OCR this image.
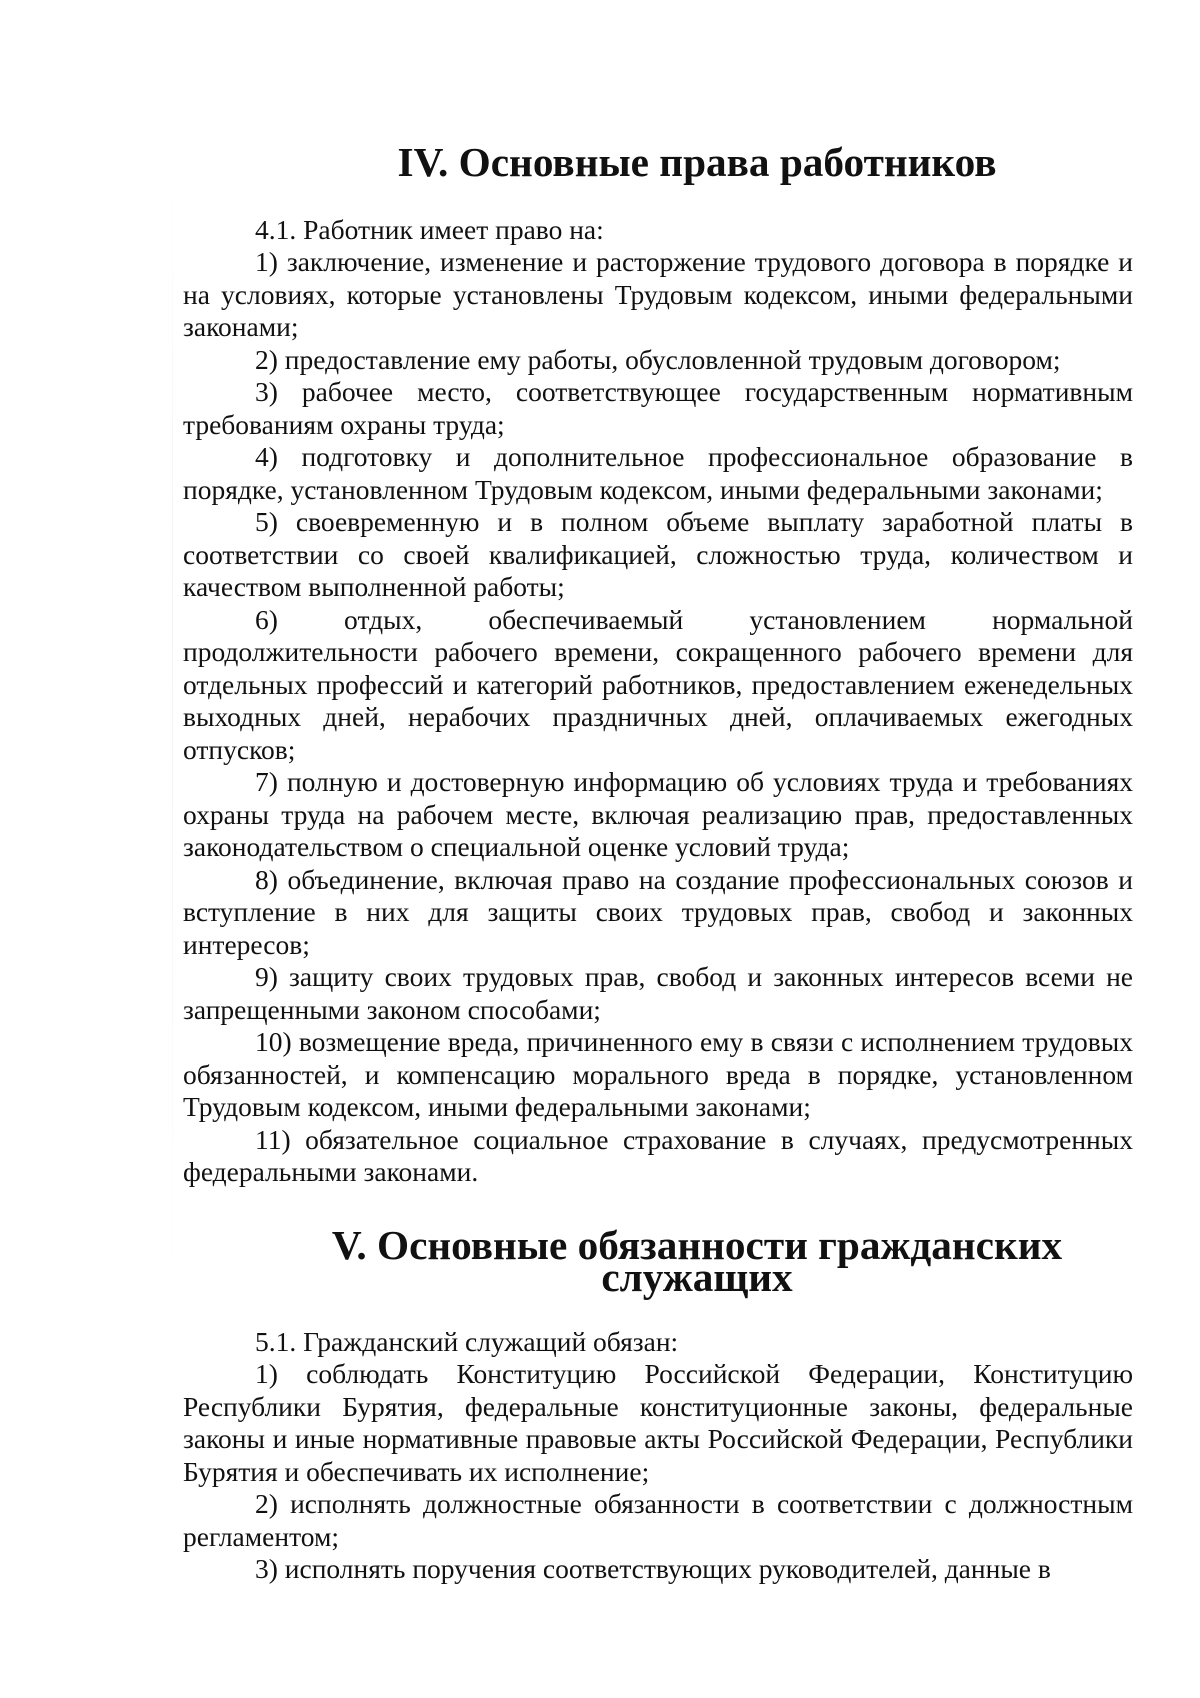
IV. Основные права работников

4.1. Работник имеет право на:

1) заключение, изменение и расторжение трудового договора в порядке и на условиях, которые установлены Трудовым кодексом, иными федеральными законами;

2) предоставление ему работы, обусловленной трудовым договором;

3) рабочее место, соответствующее государственным нормативным требованиям охраны труда;

4) подготовку и дополнительное профессиональное образование в порядке, установленном Трудовым кодексом, иными федеральными законами;

5) своевременную и в полном объеме выплату заработной платы в соответствии со своей квалификацией, сложностью труда, количеством и качеством выполненной работы;

6) отдых, обеспечиваемый установлением нормальной продолжительности рабочего времени, сокращенного рабочего времени для отдельных профессий и категорий работников, предоставлением еженедельных выходных дней, нерабочих праздничных дней, оплачиваемых ежегодных отпусков;

7) полную и достоверную информацию об условиях труда и требованиях охраны труда на рабочем месте, включая реализацию прав, предоставленных законодательством о специальной оценке условий труда;

8) объединение, включая право на создание профессиональных союзов и вступление в них для защиты своих трудовых прав, свобод и законных интересов;

9) защиту своих трудовых прав, свобод и законных интересов всеми не запрещенными законом способами;

10) возмещение вреда, причиненного ему в связи с исполнением трудовых обязанностей, и компенсацию морального вреда в порядке, установленном Трудовым кодексом, иными федеральными законами;

11) обязательное социальное страхование в случаях, предусмотренных федеральными законами.

V. Основные обязанности гражданских служащих

5.1. Гражданский служащий обязан:

1) соблюдать Конституцию Российской Федерации, Конституцию Республики Бурятия, федеральные конституционные законы, федеральные законы и иные нормативные правовые акты Российской Федерации, Республики Бурятия и обеспечивать их исполнение;

2) исполнять должностные обязанности в соответствии с должностным регламентом;

3) исполнять поручения соответствующих руководителей, данные в
